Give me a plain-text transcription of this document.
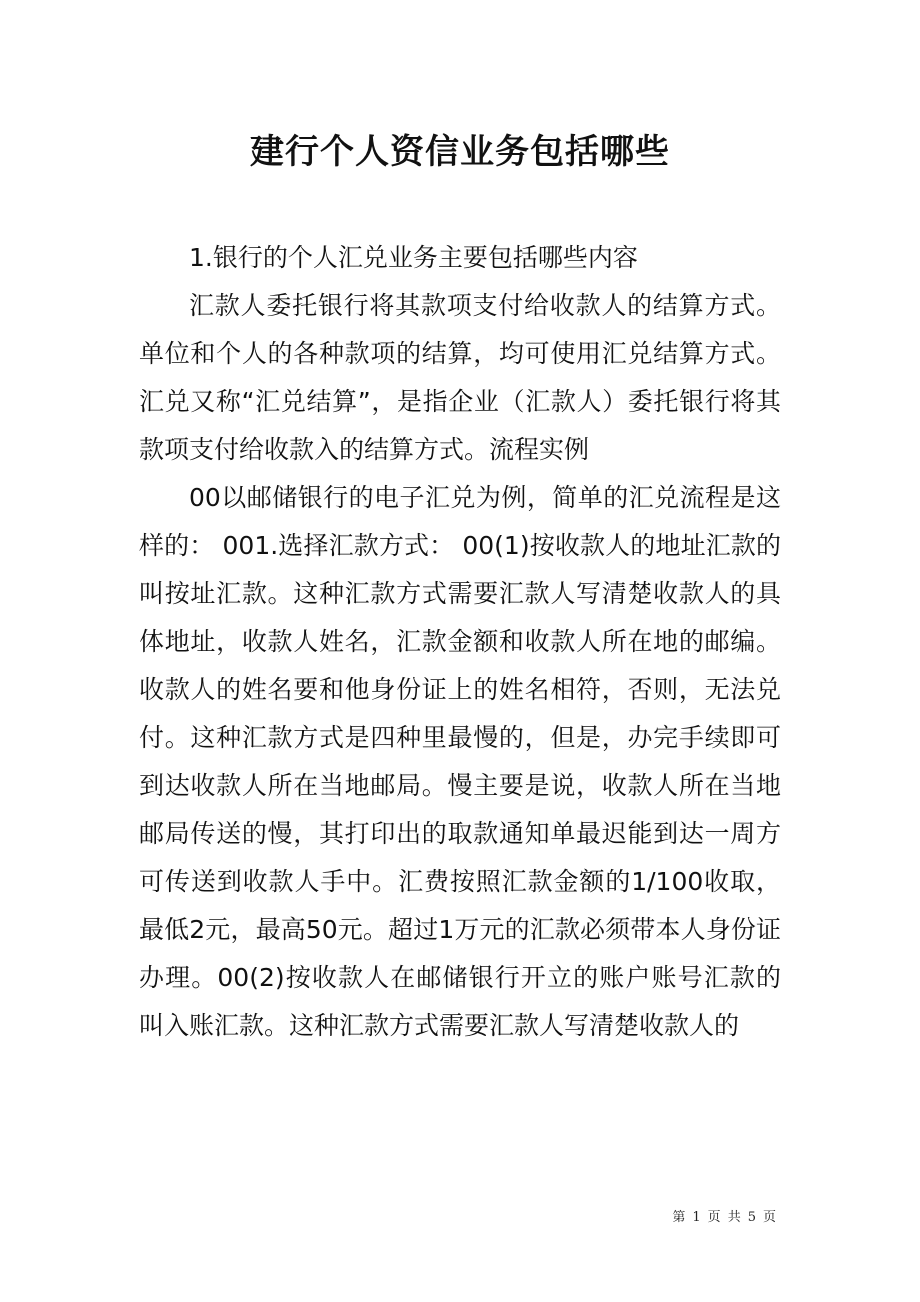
建行个人资信业务包括哪些

1.银行的个人汇兑业务主要包括哪些内容

汇款人委托银行将其款项支付给收款人的结算方式。单位和个人的各种款项的结算，均可使用汇兑结算方式。汇兑又称“汇兑结算”，是指企业（汇款人）委托银行将其款项支付给收款入的结算方式。流程实例

00以邮储银行的电子汇兑为例，简单的汇兑流程是这样的： 001.选择汇款方式： 00(1)按收款人的地址汇款的叫按址汇款。这种汇款方式需要汇款人写清楚收款人的具体地址，收款人姓名，汇款金额和收款人所在地的邮编。收款人的姓名要和他身份证上的姓名相符，否则，无法兑付。这种汇款方式是四种里最慢的，但是，办完手续即可到达收款人所在当地邮局。慢主要是说，收款人所在当地邮局传送的慢，其打印出的取款通知单最迟能到达一周方可传送到收款人手中。汇费按照汇款金额的1/100收取，最低2元，最高50元。超过1万元的汇款必须带本人身份证办理。00(2)按收款人在邮储银行开立的账户账号汇款的叫入账汇款。这种汇款方式需要汇款人写清楚收款人的

第 1 页 共 5 页
